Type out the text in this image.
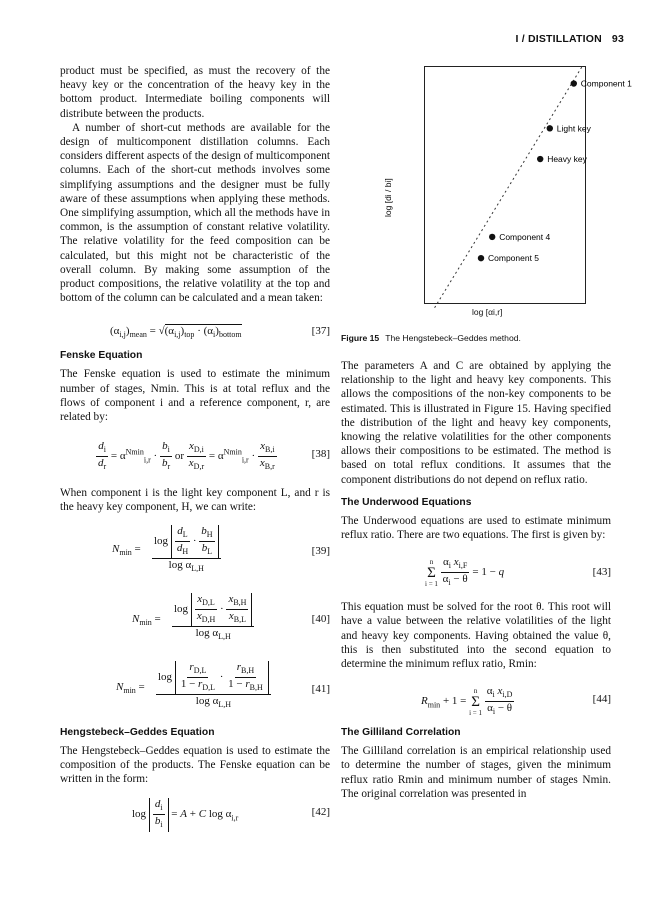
I / DISTILLATION 93

product must be specified, as must the recovery of the heavy key or the concentration of the heavy key in the bottom product. Intermediate boiling components will distribute between the products.

A number of short-cut methods are available for the design of multicomponent distillation columns. Each considers different aspects of the design of multicomponent columns. Each of the short-cut methods involves some simplifying assumptions and the designer must be fully aware of these assumptions when applying these methods. One simplifying assumption, which all the methods have in common, is the assumption of constant relative volatility. The relative volatility for the feed composition can be calculated, but this might not be characteristic of the overall column. By making some assumption of the product compositions, the relative volatility at the top and bottom of the column can be calculated and a mean taken:

$(\alpha_{i,j})_{mean} = √(\alpha_{i,j})_{top} \cdot (\alpha_i)_{bottom}$	[37]
Fenske Equation

The Fenske equation is used to estimate the minimum number of stages, Nmin. This is at total reflux and the flows of component i and a reference component, r, are related by:

$\frac{d_i}{d_r} = \alpha^{Nmin}_{i,r} \cdot \frac{b_i}{b_r}$ or $\frac{x_{D,i}}{x_{D,r}} = \alpha^{Nmin}_{i,r} \cdot \frac{x_{B,i}}{x_{B,r}}$	[38]

When component i is the light key component L, and r is the heavy key component, H, we can write:

$N_{min}$ =
$\log \frac{d_L}{d_H} \cdot \frac{b_H}{b_L}$
$\log \alpha_{L,H}$
[39]
$N_{min}$ =
$\log \frac{x_{D,L}}{x_{D,H}} \cdot \frac{x_{B,H}}{x_{B,L}}$
$\log \alpha_{L,H}$
[40]
$N_{min} = \frac{\log \frac{r_{D,L}}{1 - r_{D,L}} \cdot \frac{r_{B,H}}{1 - r_{B,H}}}{\log \alpha_{L,H}}$	[41]
Hengstebeck–Geddes Equation

The Hengstebeck–Geddes equation is used to estimate the composition of the products. The Fenske equation can be written in the form:

$\log \frac{d_i}{b_i} = A + C$ $\log \alpha_{i,r}$	[42]
log [di / bi]
Component 1
Light key
Heavy key
Component 4
Component 5
log [αi,r]
Figure 15 The Hengstebeck–Geddes method.

The parameters A and C are obtained by applying the relationship to the light and heavy key components. This allows the compositions of the non-key components to be estimated. This is illustrated in Figure 15. Having specified the distribution of the light and heavy key components, knowing the relative volatilities for the other components allows their compositions to be estimated. The method is based on total reflux conditions. It assumes that the component distributions do not depend on reflux ratio.

The Underwood Equations

The Underwood equations are used to estimate minimum reflux ratio. There are two equations. The first is given by:

n
Σ
i = 1
$\frac{\alpha_i x_{i,F}}{\alpha_i - \theta} = 1 - q$	[43]

This equation must be solved for the root θ. This root will have a value between the relative volatilities of the light and heavy key components. Having obtained the value θ, this is then substituted into the second equation to determine the minimum reflux ratio, Rmin:

$R_{min} + 1$ =
n
Σ
i = 1
$\frac{\alpha_i x_{i,D}}{\alpha_i - \theta}$	[44]
The Gilliland Correlation

The Gilliland correlation is an empirical relationship used to determine the number of stages, given the minimum reflux ratio Rmin and minimum number of stages Nmin. The original correlation was presented in
